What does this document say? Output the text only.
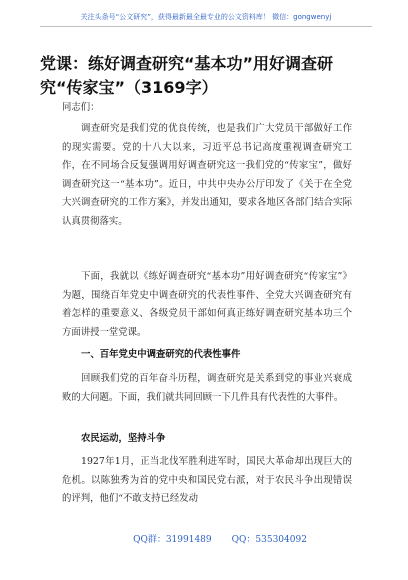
关注头条号“公文研究”，获得最新最全最专业的公文资料库！ 微信：gongwenyj
党课：练好调查研究“基本功”用好调查研究“传家宝”（3169字）
同志们：

调查研究是我们党的优良传统，也是我们广大党员干部做好工作的现实需要。党的十八大以来，习近平总书记高度重视调查研究工作，在不同场合反复强调用好调查研究这一我们党的“传家宝”，做好调查研究这一“基本功”。近日，中共中央办公厅印发了《关于在全党大兴调查研究的工作方案》，并发出通知，要求各地区各部门结合实际认真贯彻落实。

下面，我就以《练好调查研究“基本功”用好调查研究“传家宝”》为题，围绕百年党史中调查研究的代表性事件、全党大兴调查研究有着怎样的重要意义、各级党员干部如何真正练好调查研究基本功三个方面讲授一堂党课。

一、百年党史中调查研究的代表性事件

回顾我们党的百年奋斗历程，调查研究是关系到党的事业兴衰成败的大问题。下面，我们就共同回顾一下几件具有代表性的大事件。

农民运动，坚持斗争

1927年1月，正当北伐军胜利进军时，国民大革命却出现巨大的危机。以陈独秀为首的党中央和国民党右派，对于农民斗争出现错误的评判，他们“不敢支持已经发动

QQ群：31991489 QQ：535304092
